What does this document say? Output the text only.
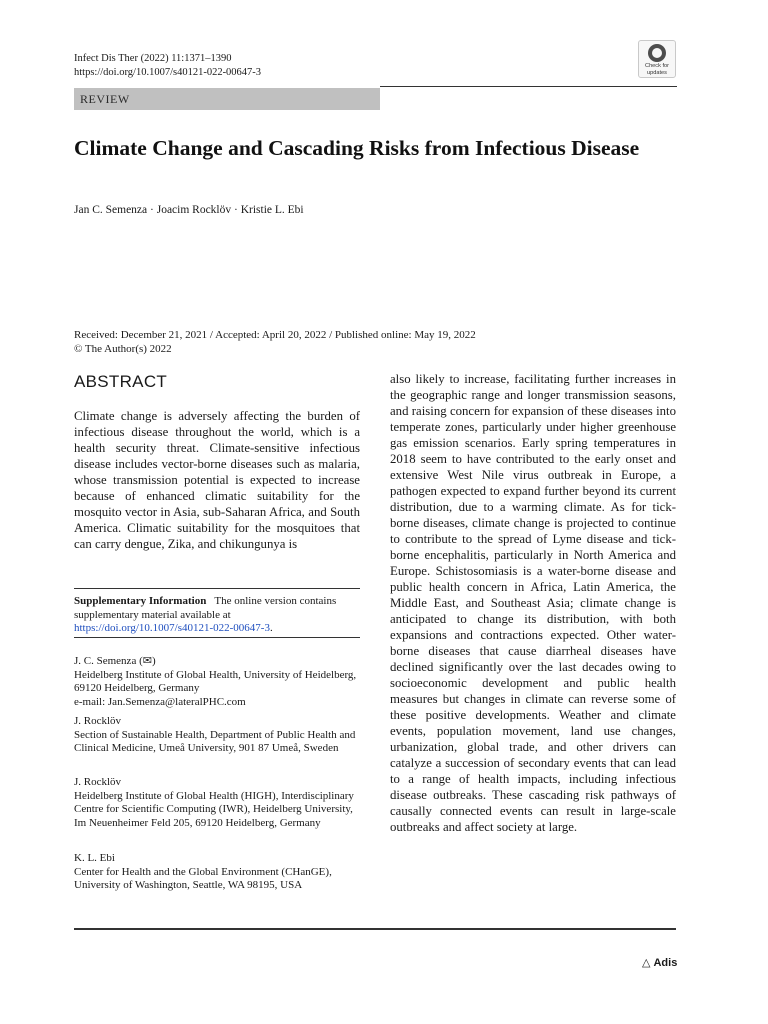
Infect Dis Ther (2022) 11:1371–1390
https://doi.org/10.1007/s40121-022-00647-3
Check for
updates
REVIEW
Climate Change and Cascading Risks from Infectious Disease
Jan C. Semenza · Joacim Rocklöv · Kristie L. Ebi
Received: December 21, 2021 / Accepted: April 20, 2022 / Published online: May 19, 2022
© The Author(s) 2022
ABSTRACT
Climate change is adversely affecting the burden of infectious disease throughout the world, which is a health security threat. Climate-sensitive infectious disease includes vector-borne diseases such as malaria, whose transmission potential is expected to increase because of enhanced climatic suitability for the mosquito vector in Asia, sub-Saharan Africa, and South America. Climatic suitability for the mosquitoes that can carry dengue, Zika, and chikungunya is
also likely to increase, facilitating further increases in the geographic range and longer transmission seasons, and raising concern for expansion of these diseases into temperate zones, particularly under higher greenhouse gas emission scenarios. Early spring temperatures in 2018 seem to have contributed to the early onset and extensive West Nile virus outbreak in Europe, a pathogen expected to expand further beyond its current distribution, due to a warming climate. As for tick-borne diseases, climate change is projected to continue to contribute to the spread of Lyme disease and tick-borne encephalitis, particularly in North America and Europe. Schistosomiasis is a water-borne disease and public health concern in Africa, Latin America, the Middle East, and Southeast Asia; climate change is anticipated to change its distribution, with both expansions and contractions expected. Other water-borne diseases that cause diarrheal diseases have declined significantly over the last decades owing to socioeconomic development and public health measures but changes in climate can reverse some of these positive developments. Weather and climate events, population movement, land use changes, urbanization, global trade, and other drivers can catalyze a succession of secondary events that can lead to a range of health impacts, including infectious disease outbreaks. These cascading risk pathways of causally connected events can result in large-scale outbreaks and affect society at large.
Supplementary Information The online version contains supplementary material available at https://doi.org/10.1007/s40121-022-00647-3.
J. C. Semenza (✉)
Heidelberg Institute of Global Health, University of Heidelberg, 69120 Heidelberg, Germany
e-mail: Jan.Semenza@lateralPHC.com
J. Rocklöv
Section of Sustainable Health, Department of Public Health and Clinical Medicine, Umeå University, 901 87 Umeå, Sweden
J. Rocklöv
Heidelberg Institute of Global Health (HIGH), Interdisciplinary Centre for Scientific Computing (IWR), Heidelberg University, Im Neuenheimer Feld 205, 69120 Heidelberg, Germany
K. L. Ebi
Center for Health and the Global Environment (CHanGE), University of Washington, Seattle, WA 98195, USA
△ Adis
